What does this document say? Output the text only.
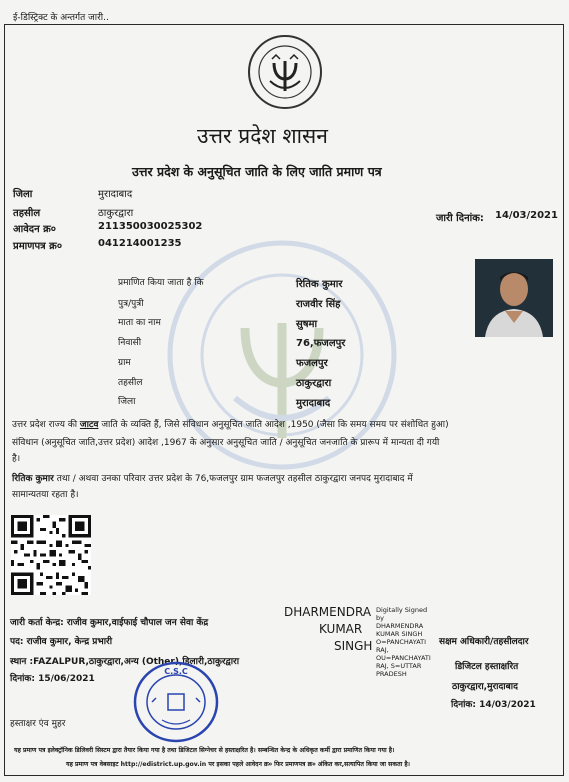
ई-डिस्ट्रिक्ट के अन्तर्गत जारी..
उत्तर प्रदेश शासन
उत्तर प्रदेश के अनुसूचित जाति के लिए जाति प्रमाण पत्र
जिला	मुरादाबाद
तहसील	ठाकुरद्वारा
आवेदन क्र०	211350030025302
प्रमाणपत्र क्र०	041214001235
जारी दिनांक: 14/03/2021
प्रमाणित किया जाता है कि	रितिक कुमार
पुत्र/पुत्री	राजवीर सिंह
माता का नाम	सुषमा
निवासी	76,फजलपुर
ग्राम	फजलपुर
तहसील	ठाकुरद्वारा
जिला	मुरादाबाद
उत्तर प्रदेश राज्य की जाटव जाति के व्यक्ति हैं, जिसे संविधान अनुसूचित जाति आदेश ,1950 (जैसा कि समय समय पर संशोधित हुआ)
संविधान (अनुसूचित जाति,उत्तर प्रदेश) आदेश ,1967 के अनुसार अनुसूचित जाति / अनुसूचित जनजाति के प्रारूप में मान्यता दी गयी
है।
रितिक कुमार तथा / अथवा उनका परिवार उत्तर प्रदेश के 76,फजलपुर ग्राम फजलपुर तहसील ठाकुरद्वारा जनपद मुरादाबाद में
सामान्यतया रहता है।
जारी कर्ता केन्द्र: राजीव कुमार,वाईफाई चौपाल जन सेवा केंद्र
पद: राजीव कुमार, केन्द्र प्रभारी
स्थान :FAZALPUR,ठाकुरद्वारा,अन्य (Other),डिलारी,ठाकुरद्वारा
दिनांक: 15/06/2021
हस्ताक्षर एंव मुहर
C.S.C
DHARMENDRA
KUMAR
SINGH
Digitally Signed
by
DHARMENDRA
KUMAR SINGH
O=PANCHAYATI
RAJ,
OU=PANCHAYATI
RAJ, S=UTTAR
PRADESH
सक्षम अधिकारी/तहसीलदार
डिजिटल हस्ताक्षरित
ठाकुरद्वारा,मुरादाबाद
दिनांक: 14/03/2021
यह प्रमाण पत्र इलेक्ट्रॉनिक डिलिवरी सिस्टम द्वारा तैयार किया गया है तथा डिजिटल सिग्नेचर से हस्ताक्षरित है। सम्बन्धित केन्द्र के अधिकृत कर्मी द्वारा प्रमाणित किया गया है।
यह प्रमाण पत्र वेबसाइट http://edistrict.up.gov.in पर इसका पहले आवेदन क्र० फिर प्रमाणपत्र क्र० अंकित कर,सत्यापित किया जा सकता है।
